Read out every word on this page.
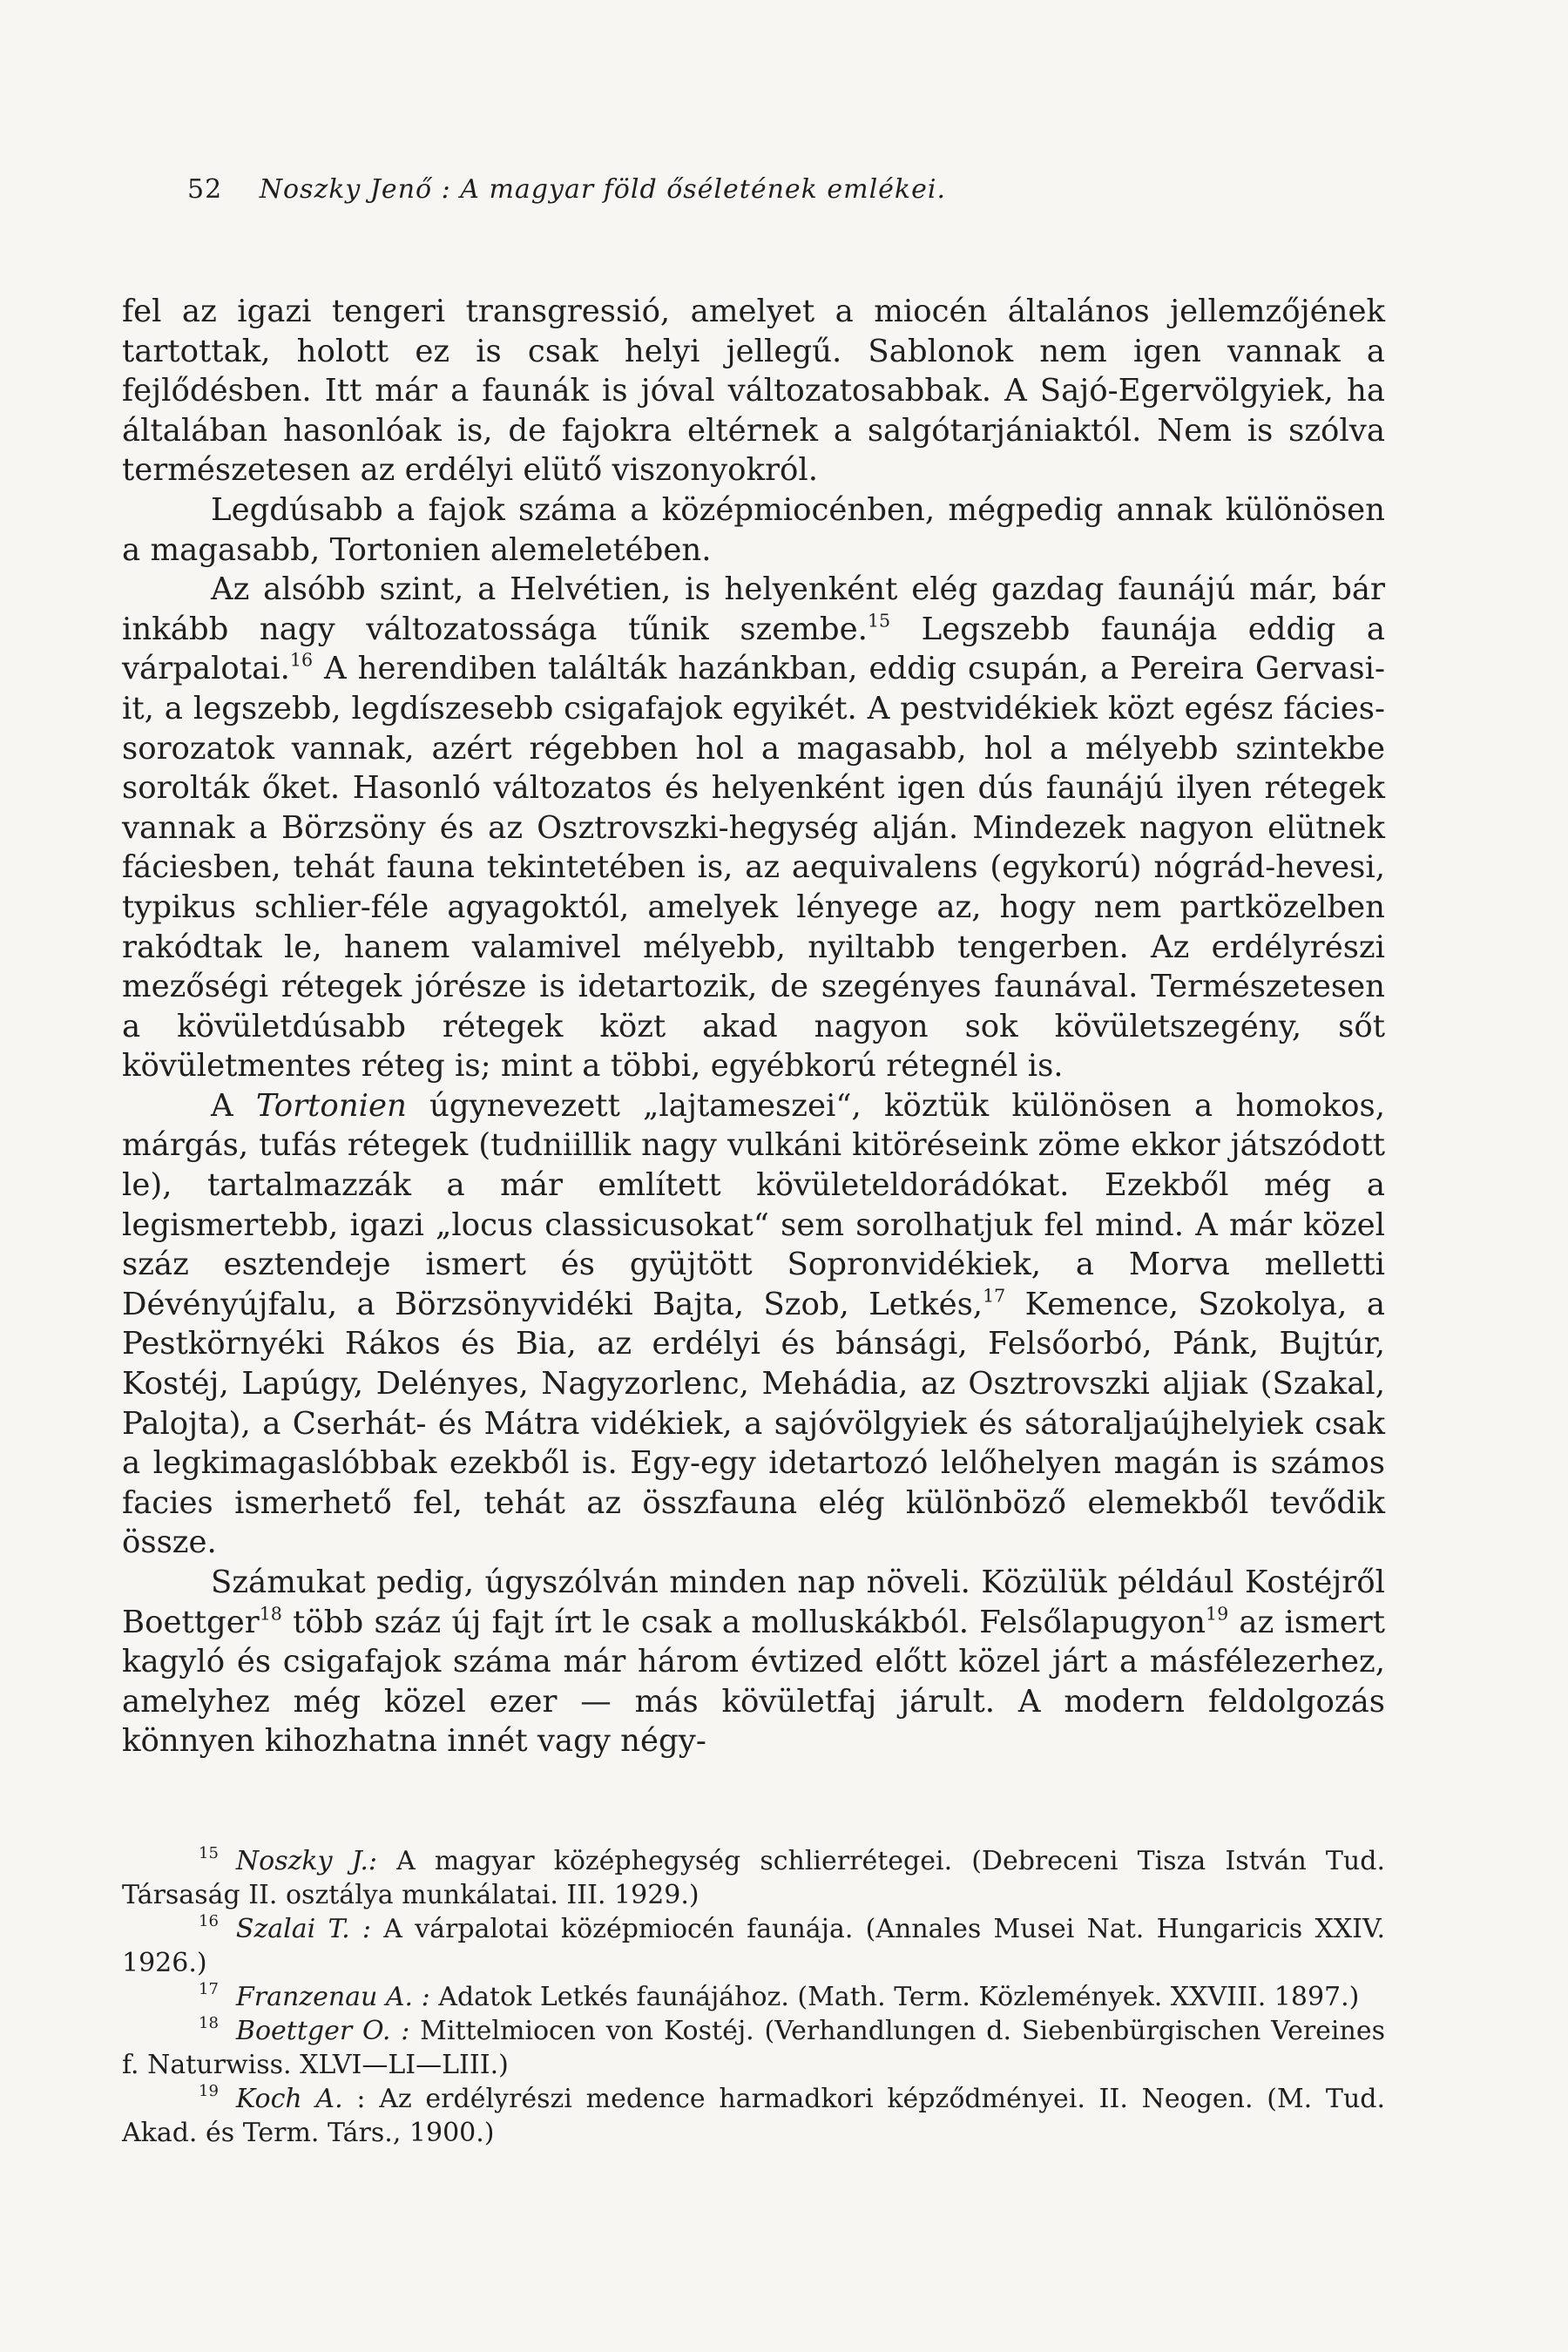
52 Noszky Jenő : A magyar föld őséletének emlékei.

fel az igazi tengeri transgressió, amelyet a miocén általános jellemzőjének tartottak, holott ez is csak helyi jellegű. Sablonok nem igen vannak a fejlődésben. Itt már a faunák is jóval változatosabbak. A Sajó-Egervölgyiek, ha általában hasonlóak is, de fajokra eltérnek a salgótarjániaktól. Nem is szólva természetesen az erdélyi elütő viszonyokról.

Legdúsabb a fajok száma a középmiocénben, mégpedig annak különösen a magasabb, Tortonien alemeletében.

Az alsóbb szint, a Helvétien, is helyenként elég gazdag faunájú már, bár inkább nagy változatossága tűnik szembe.$^{15}$ Legszebb faunája eddig a várpalotai.$^{16}$ A herendiben találták hazánkban, eddig csupán, a Pereira Gervasi-it, a legszebb, legdíszesebb csigafajok egyikét. A pestvidékiek közt egész fácies-sorozatok vannak, azért régebben hol a magasabb, hol a mélyebb szintekbe sorolták őket. Hasonló változatos és helyenként igen dús faunájú ilyen rétegek vannak a Börzsöny és az Osztrovszki-hegység alján. Mindezek nagyon elütnek fáciesben, tehát fauna tekintetében is, az aequivalens (egykorú) nógrád-hevesi, typikus schlier-féle agyagoktól, amelyek lényege az, hogy nem partközelben rakódtak le, hanem valamivel mélyebb, nyiltabb tengerben. Az erdélyrészi mezőségi rétegek jórésze is idetartozik, de szegényes faunával. Természetesen a kövületdúsabb rétegek közt akad nagyon sok kövületszegény, sőt kövületmentes réteg is; mint a többi, egyébkorú rétegnél is.

A Tortonien úgynevezett „lajtameszei“, köztük különösen a homokos, márgás, tufás rétegek (tudniillik nagy vulkáni kitöréseink zöme ekkor játszódott le), tartalmazzák a már említett kövületeldorádókat. Ezekből még a legismertebb, igazi „locus classicusokat“ sem sorolhatjuk fel mind. A már közel száz esztendeje ismert és gyüjtött Sopronvidékiek, a Morva melletti Dévényújfalu, a Börzsönyvidéki Bajta, Szob, Letkés,$^{17}$ Kemence, Szokolya, a Pestkörnyéki Rákos és Bia, az erdélyi és bánsági, Felsőorbó, Pánk, Bujtúr, Kostéj, Lapúgy, Delényes, Nagyzorlenc, Mehádia, az Osztrovszki aljiak (Szakal, Palojta), a Cserhát- és Mátra vidékiek, a sajóvölgyiek és sátoraljaújhelyiek csak a legkimagaslóbbak ezekből is. Egy-egy idetartozó lelőhelyen magán is számos facies ismerhető fel, tehát az összfauna elég különböző elemekből tevődik össze.

Számukat pedig, úgyszólván minden nap növeli. Közülük például Kostéjről Boettger$^{18}$ több száz új fajt írt le csak a molluskákból. Felsőlapugyon$^{19}$ az ismert kagyló és csigafajok száma már három évtized előtt közel járt a másfélezerhez, amelyhez még közel ezer — más kövületfaj járult. A modern feldolgozás könnyen kihozhatna innét vagy négy-

$^{15}$ Noszky J.: A magyar középhegység schlierrétegei. (Debreceni Tisza István Tud. Társaság II. osztálya munkálatai. III. 1929.)

$^{16}$ Szalai T. : A várpalotai középmiocén faunája. (Annales Musei Nat. Hungaricis XXIV. 1926.)

$^{17}$ Franzenau A. : Adatok Letkés faunájához. (Math. Term. Közlemények. XXVIII. 1897.)

$^{18}$ Boettger O. : Mittelmiocen von Kostéj. (Verhandlungen d. Siebenbürgischen Vereines f. Naturwiss. XLVI—LI—LIII.)

$^{19}$ Koch A. : Az erdélyrészi medence harmadkori képződményei. II. Neogen. (M. Tud. Akad. és Term. Társ., 1900.)
